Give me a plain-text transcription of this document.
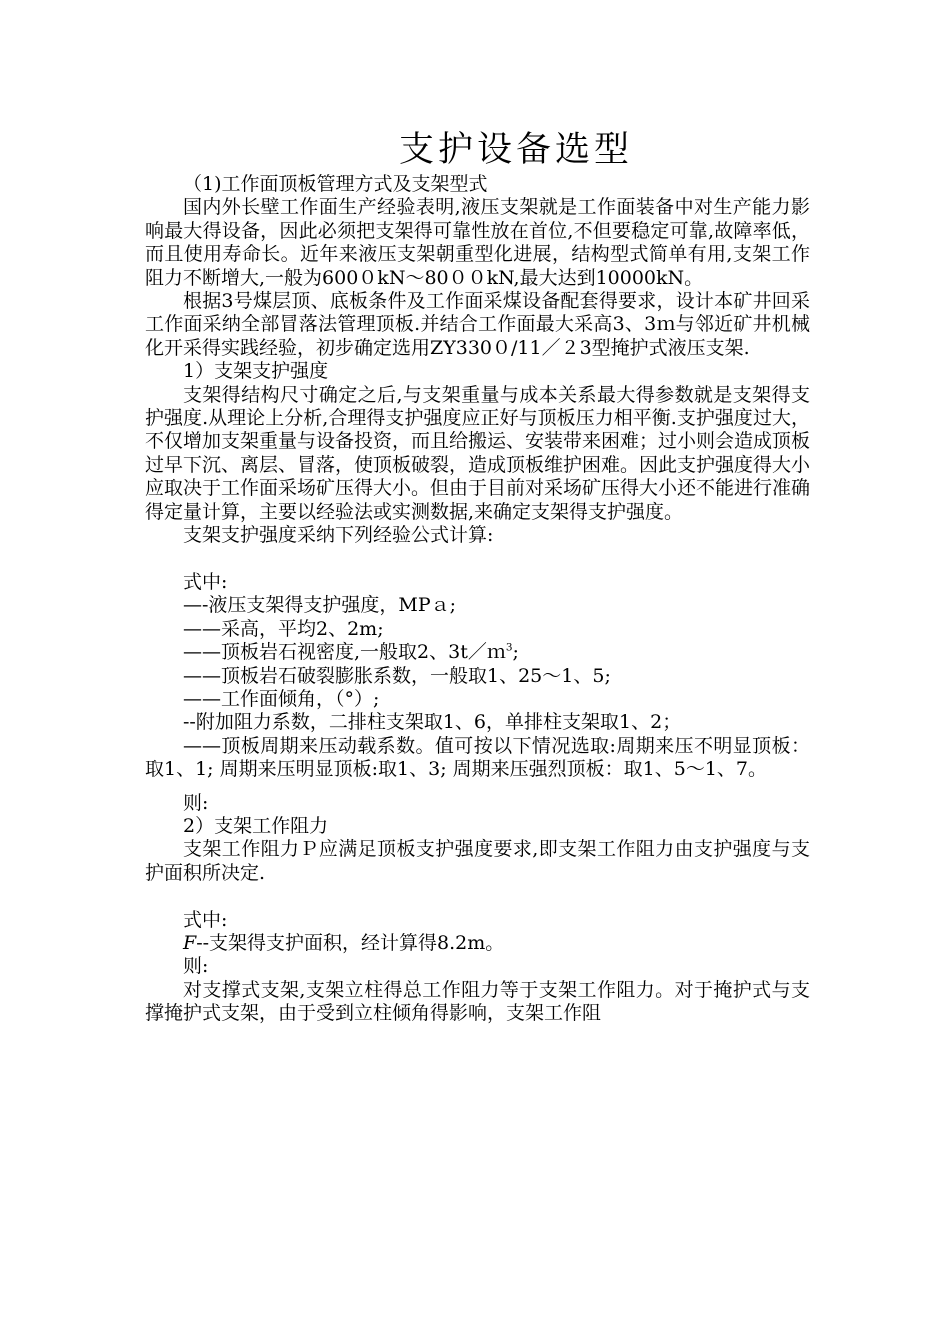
支护设备选型

（1)工作面顶板管理方式及支架型式

国内外长壁工作面生产经验表明,液压支架就是工作面装备中对生产能力影响最大得设备，因此必须把支架得可靠性放在首位,不但要稳定可靠,故障率低，而且使用寿命长。近年来液压支架朝重型化进展，结构型式简单有用,支架工作阻力不断增大,一般为600０kN～80００kN,最大达到10000kN。

根据3号煤层顶、底板条件及工作面采煤设备配套得要求，设计本矿井回采工作面采纳全部冒落法管理顶板.并结合工作面最大采高3、3ｍ与邻近矿井机械化开采得实践经验，初步确定选用ZY330０/11／２3型掩护式液压支架.

1）支架支护强度

支架得结构尺寸确定之后,与支架重量与成本关系最大得参数就是支架得支护强度.从理论上分析,合理得支护强度应正好与顶板压力相平衡.支护强度过大，不仅增加支架重量与设备投资，而且给搬运、安装带来困难；过小则会造成顶板过早下沉、离层、冒落，使顶板破裂，造成顶板维护困难。因此支护强度得大小应取决于工作面采场矿压得大小。但由于目前对采场矿压得大小还不能进行准确得定量计算，主要以经验法或实测数据,来确定支架得支护强度。

支架支护强度采纳下列经验公式计算:

式中:

—-液压支架得支护强度，MPａ;

——采高，平均2、2m;

——顶板岩石视密度,一般取2、3t／ｍ$^3$;

——顶板岩石破裂膨胀系数，一般取1、25～1、5;

——工作面倾角，（°）;

--附加阻力系数，二排柱支架取1、6，单排柱支架取1、2；

——顶板周期来压动载系数。值可按以下情况选取:周期来压不明显顶板：取1、1; 周期来压明显顶板:取1、3; 周期来压强烈顶板：取1、5～1、7。

则:

2）支架工作阻力

支架工作阻力Ｐ应满足顶板支护强度要求,即支架工作阻力由支护强度与支护面积所决定.

式中:

F--支架得支护面积，经计算得8.2m。

则:

对支撑式支架,支架立柱得总工作阻力等于支架工作阻力。对于掩护式与支撑掩护式支架，由于受到立柱倾角得影响，支架工作阻
